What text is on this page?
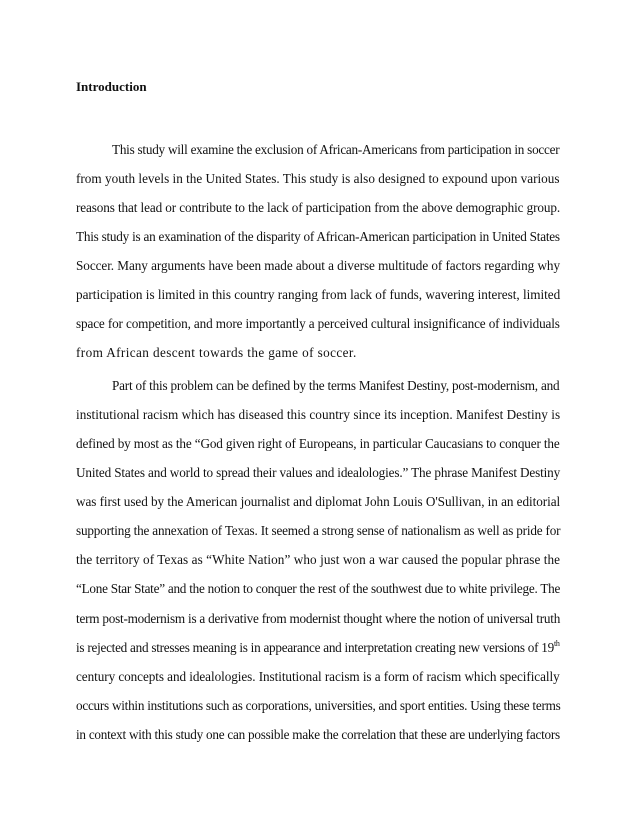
Introduction
This study will examine the exclusion of African-Americans from participation in soccer
from youth levels in the United States. This study is also designed to expound upon various
reasons that lead or contribute to the lack of participation from the above demographic group.
This study is an examination of the disparity of African-American participation in United States
Soccer. Many arguments have been made about a diverse multitude of factors regarding why
participation is limited in this country ranging from lack of funds, wavering interest, limited
space for competition, and more importantly a perceived cultural insignificance of individuals
from African descent towards the game of soccer.
Part of this problem can be defined by the terms Manifest Destiny, post-modernism, and
institutional racism which has diseased this country since its inception. Manifest Destiny is
defined by most as the “God given right of Europeans, in particular Caucasians to conquer the
United States and world to spread their values and idealologies.” The phrase Manifest Destiny
was first used by the American journalist and diplomat John Louis O'Sullivan, in an editorial
supporting the annexation of Texas. It seemed a strong sense of nationalism as well as pride for
the territory of Texas as “White Nation” who just won a war caused the popular phrase the
“Lone Star State” and the notion to conquer the rest of the southwest due to white privilege. The
term post-modernism is a derivative from modernist thought where the notion of universal truth
is rejected and stresses meaning is in appearance and interpretation creating new versions of 19th
century concepts and idealologies. Institutional racism is a form of racism which specifically
occurs within institutions such as corporations, universities, and sport entities. Using these terms
in context with this study one can possible make the correlation that these are underlying factors
